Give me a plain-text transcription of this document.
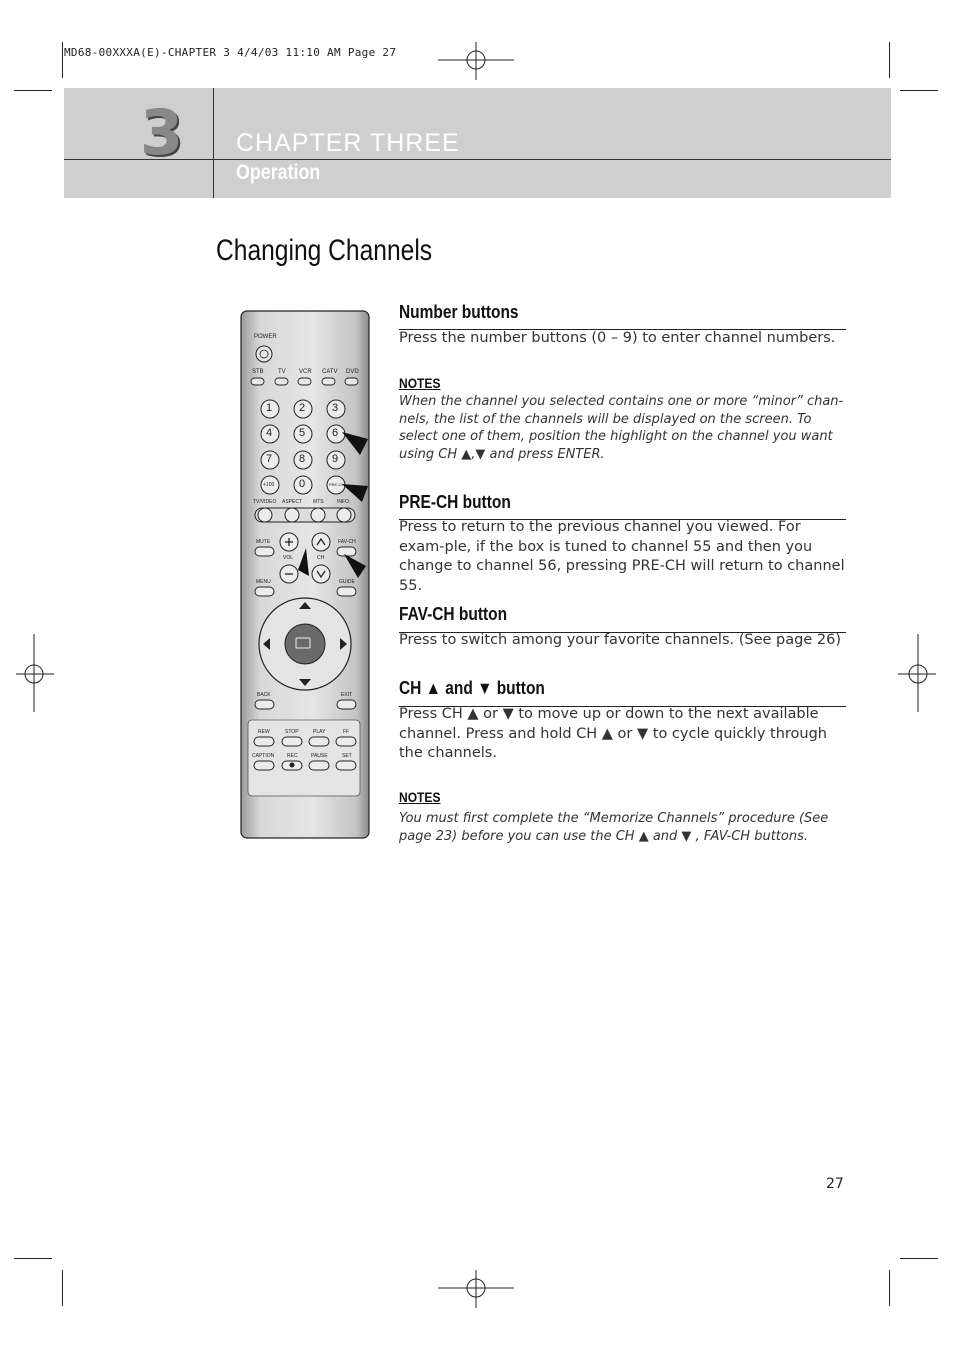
MD68-00XXXA(E)-CHAPTER 3 4/4/03 11:10 AM Page 27
3 CHAPTER THREE
Operation
Changing Channels
POWER
STB TV VCR CATV DVD
1 2 3
4 5 6
7 8 9
+100 0	PRE-CH
TV/VIDEO ASPECT MTS	INFO.
MUTE
VOL	CH
FAV-CH
MENU	GUIDE
BACK	EXIT
REW	STOP	PLAY	FF
CAPTION	REC	PAUSE	SET
Number buttons
Press the number buttons (0 – 9) to enter channel numbers.
NOTES
When the channel you selected contains one or more “minor” chan-nels, the list of the channels will be displayed on the screen. To select one of them, position the highlight on the channel you want using CH ▲,▼ and press ENTER.
PRE-CH button
Press to return to the previous channel you viewed. For exam-ple, if the box is tuned to channel 55 and then you change to channel 56, pressing PRE-CH will return to channel 55.
FAV-CH button
Press to switch among your favorite channels. (See page 26)
CH ▲ and ▼ button
Press CH ▲ or ▼ to move up or down to the next available channel. Press and hold CH ▲ or ▼ to cycle quickly through the channels.
NOTES
You must first complete the “Memorize Channels” procedure (See page 23) before you can use the CH ▲ and ▼ , FAV-CH buttons.
27
